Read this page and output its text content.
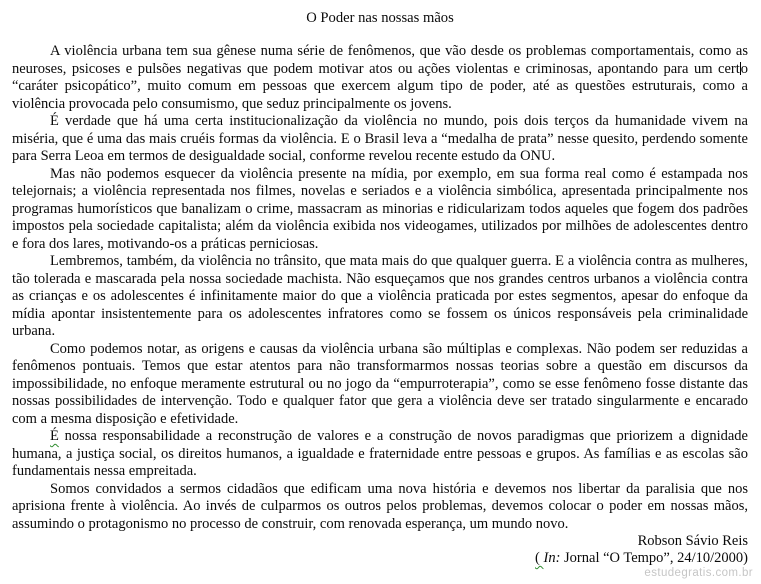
O Poder nas nossas mãos

A violência urbana tem sua gênese numa série de fenômenos, que vão desde os problemas comportamentais, como as neuroses, psicoses e pulsões negativas que podem motivar atos ou ações violentas e criminosas, apontando para um certo “caráter psicopático”, muito comum em pessoas que exercem algum tipo de poder, até as questões estruturais, como a violência provocada pelo consumismo, que seduz principalmente os jovens.

É verdade que há uma certa institucionalização da violência no mundo, pois dois terços da humanidade vivem na miséria, que é uma das mais cruéis formas da violência. E o Brasil leva a “medalha de prata” nesse quesito, perdendo somente para Serra Leoa em termos de desigualdade social, conforme revelou recente estudo da ONU.

Mas não podemos esquecer da violência presente na mídia, por exemplo, em sua forma real como é estampada nos telejornais; a violência representada nos filmes, novelas e seriados e a violência simbólica, apresentada principalmente nos programas humorísticos que banalizam o crime, massacram as minorias e ridicularizam todos aqueles que fogem dos padrões impostos pela sociedade capitalista; além da violência exibida nos videogames, utilizados por milhões de adolescentes dentro e fora dos lares, motivando-os a práticas perniciosas.

Lembremos, também, da violência no trânsito, que mata mais do que qualquer guerra. E a violência contra as mulheres, tão tolerada e mascarada pela nossa sociedade machista. Não esqueçamos que nos grandes centros urbanos a violência contra as crianças e os adolescentes é infinitamente maior do que a violência praticada por estes segmentos, apesar do enfoque da mídia apontar insistentemente para os adolescentes infratores como se fossem os únicos responsáveis pela criminalidade urbana.

Como podemos notar, as origens e causas da violência urbana são múltiplas e complexas. Não podem ser reduzidas a fenômenos pontuais. Temos que estar atentos para não transformarmos nossas teorias sobre a questão em discursos da impossibilidade, no enfoque meramente estrutural ou no jogo da “empurroterapia”, como se esse fenômeno fosse distante das nossas possibilidades de intervenção. Todo e qualquer fator que gera a violência deve ser tratado singularmente e encarado com a mesma disposição e efetividade.

É nossa responsabilidade a reconstrução de valores e a construção de novos paradigmas que priorizem a dignidade humana, a justiça social, os direitos humanos, a igualdade e fraternidade entre pessoas e grupos. As famílias e as escolas são fundamentais nessa empreitada.

Somos convidados a sermos cidadãos que edificam uma nova história e devemos nos libertar da paralisia que nos aprisiona frente à violência. Ao invés de culparmos os outros pelos problemas, devemos colocar o poder em nossas mãos, assumindo o protagonismo no processo de construir, com renovada esperança, um mundo novo.

Robson Sávio Reis

( In: Jornal “O Tempo”, 24/10/2000)

estudegratis.com.br
